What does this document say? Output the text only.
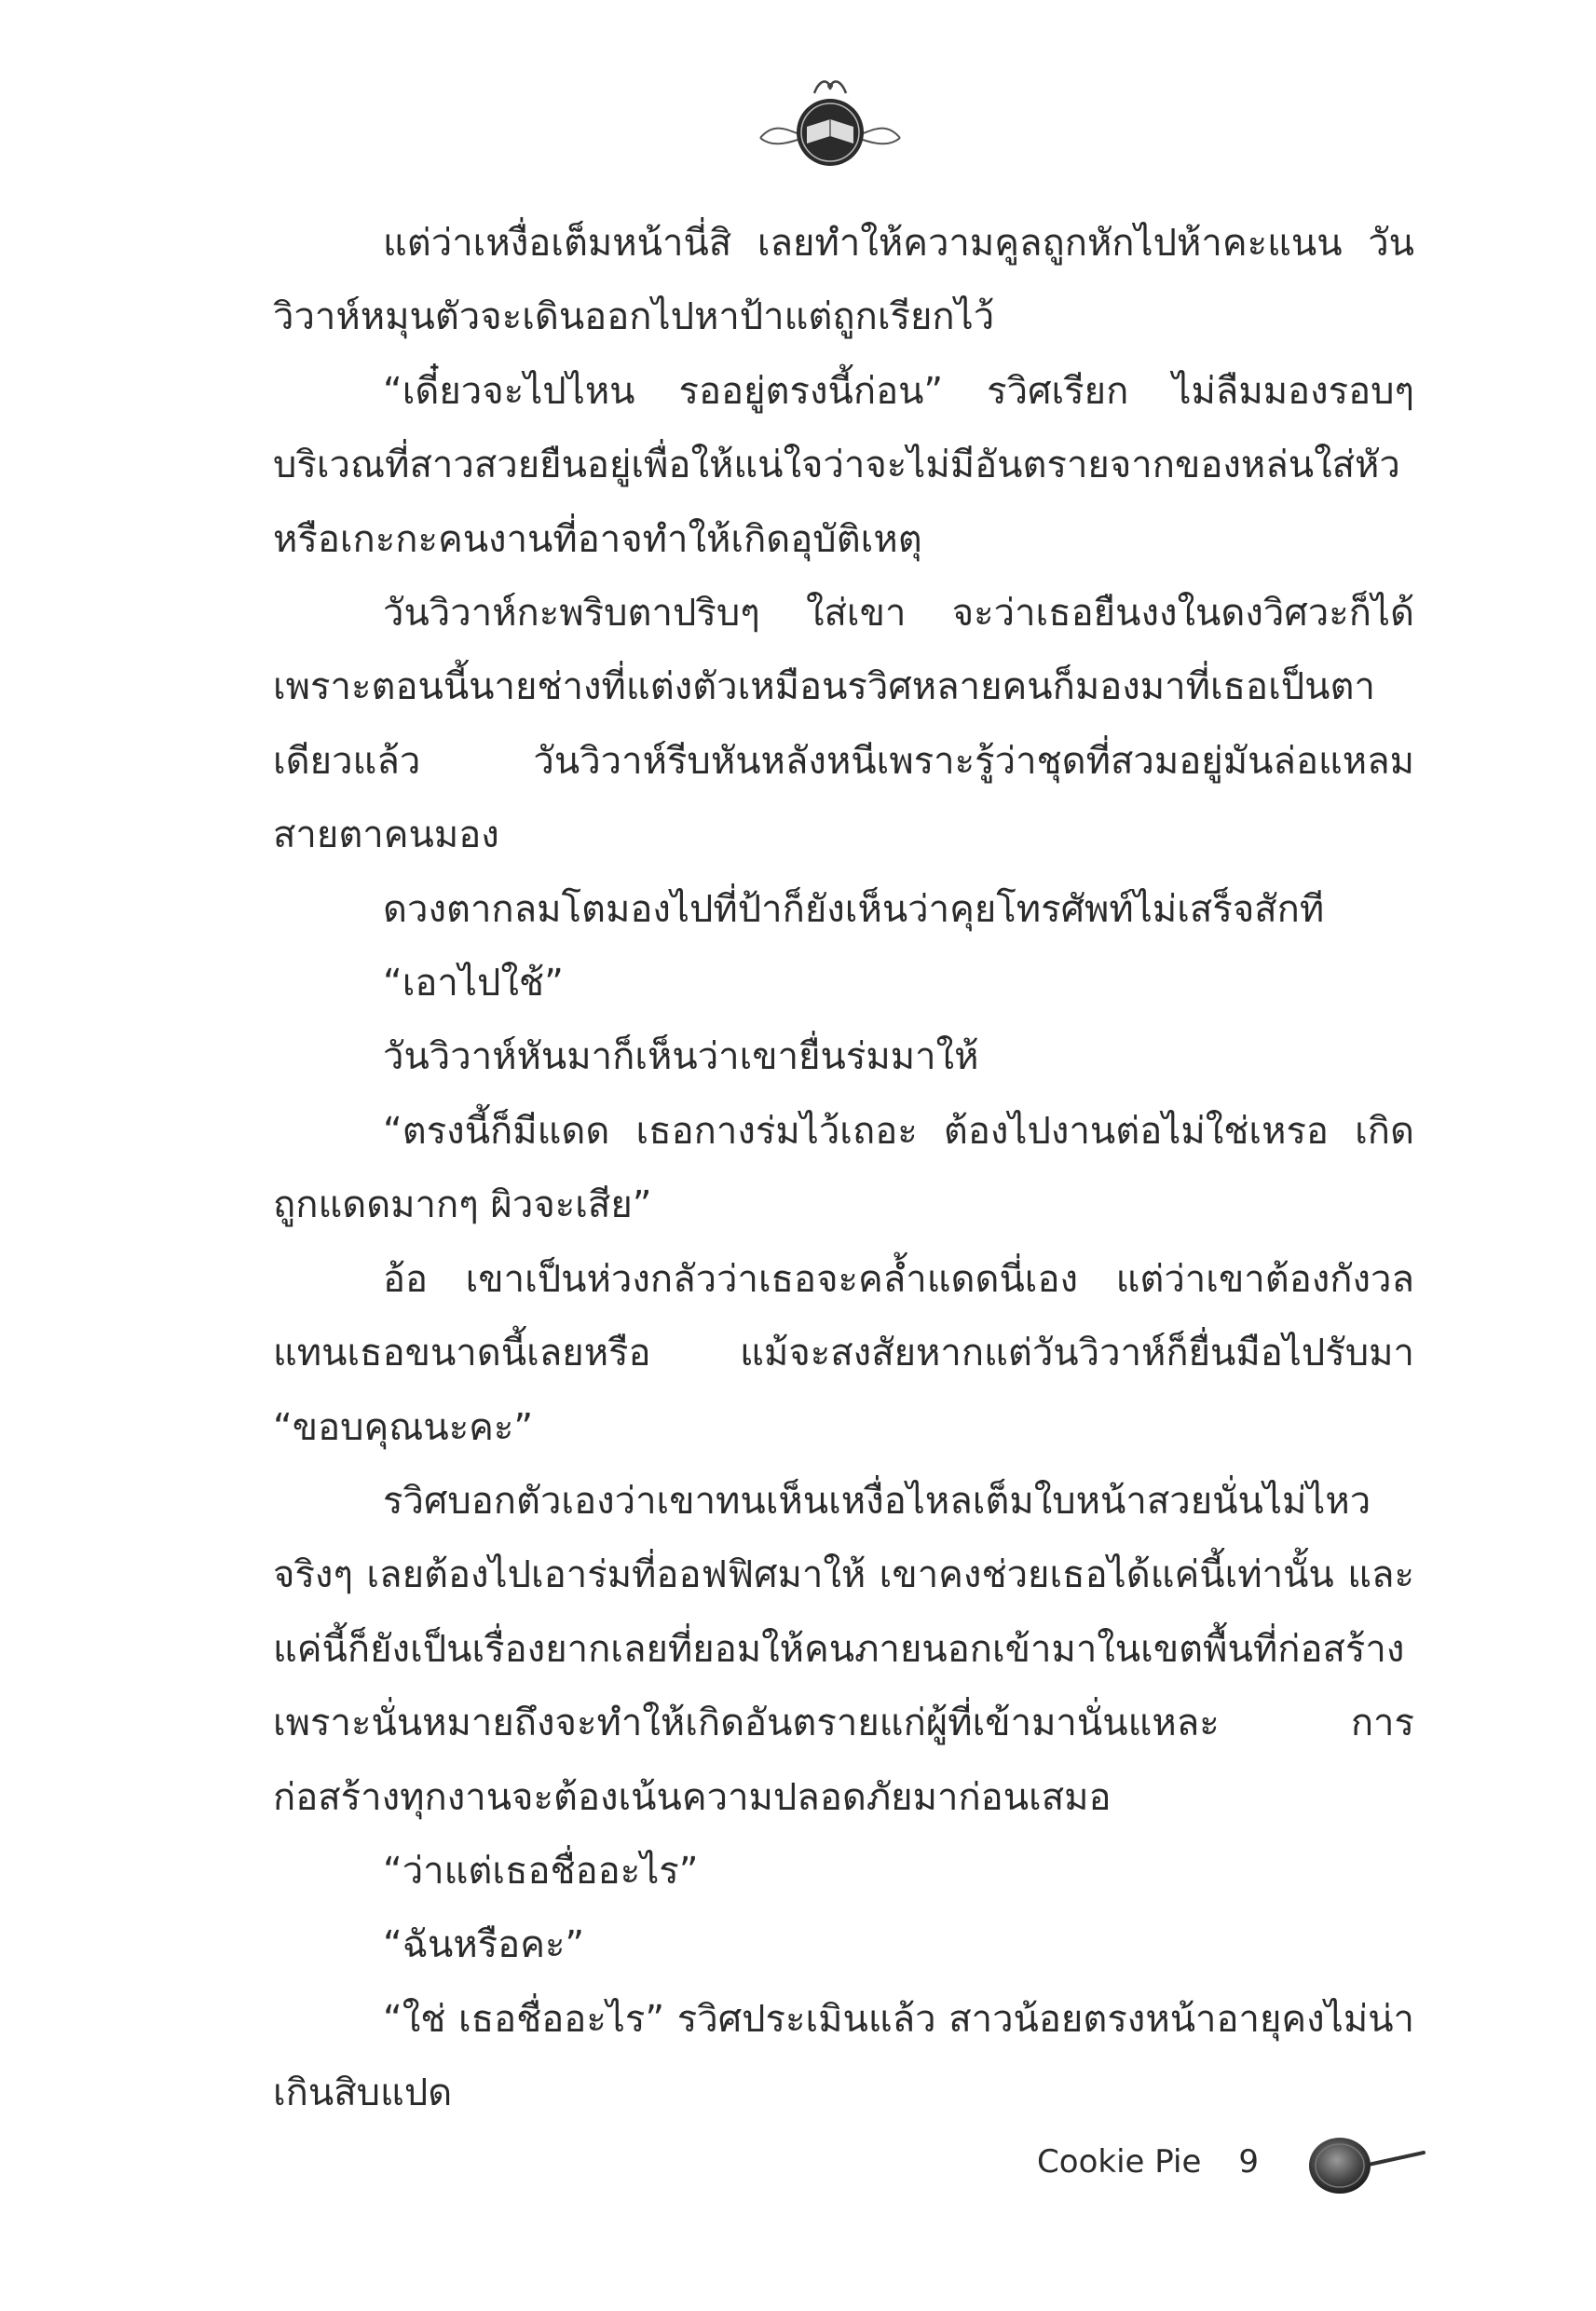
แต่ว่าเหงื่อเต็มหน้านี่สิ เลยทำให้ความคูลถูกหักไปห้าคะแนน วันวิวาห์หมุนตัวจะเดินออกไปหาป้าแต่ถูกเรียกไว้

“เดี๋ยวจะไปไหน รออยู่ตรงนี้ก่อน” รวิศเรียก ไม่ลืมมองรอบๆ บริเวณที่สาวสวยยืนอยู่เพื่อให้แน่ใจว่าจะไม่มีอันตรายจากของหล่นใส่หัว หรือเกะกะคนงานที่อาจทำให้เกิดอุบัติเหตุ

วันวิวาห์กะพริบตาปริบๆ ใส่เขา จะว่าเธอยืนงงในดงวิศวะก็ได้ เพราะตอนนี้นายช่างที่แต่งตัวเหมือนรวิศหลายคนก็มองมาที่เธอเป็นตาเดียวแล้ว วันวิวาห์รีบหันหลังหนีเพราะรู้ว่าชุดที่สวมอยู่มันล่อแหลมสายตาคนมอง

ดวงตากลมโตมองไปที่ป้าก็ยังเห็นว่าคุยโทรศัพท์ไม่เสร็จสักที

“เอาไปใช้”

วันวิวาห์หันมาก็เห็นว่าเขายื่นร่มมาให้

“ตรงนี้ก็มีแดด เธอกางร่มไว้เถอะ ต้องไปงานต่อไม่ใช่เหรอ เกิดถูกแดดมากๆ ผิวจะเสีย”

อ้อ เขาเป็นห่วงกลัวว่าเธอจะคล้ำแดดนี่เอง แต่ว่าเขาต้องกังวลแทนเธอขนาดนี้เลยหรือ แม้จะสงสัยหากแต่วันวิวาห์ก็ยื่นมือไปรับมา “ขอบคุณนะคะ”

รวิศบอกตัวเองว่าเขาทนเห็นเหงื่อไหลเต็มใบหน้าสวยนั่นไม่ไหวจริงๆ เลยต้องไปเอาร่มที่ออฟฟิศมาให้ เขาคงช่วยเธอได้แค่นี้เท่านั้น และแค่นี้ก็ยังเป็นเรื่องยากเลยที่ยอมให้คนภายนอกเข้ามาในเขตพื้นที่ก่อสร้าง เพราะนั่นหมายถึงจะทำให้เกิดอันตรายแก่ผู้ที่เข้ามานั่นแหละ การก่อสร้างทุกงานจะต้องเน้นความปลอดภัยมาก่อนเสมอ

“ว่าแต่เธอชื่ออะไร”

“ฉันหรือคะ”

“ใช่ เธอชื่ออะไร” รวิศประเมินแล้ว สาวน้อยตรงหน้าอายุคงไม่น่าเกินสิบแปด

Cookie Pie 9
